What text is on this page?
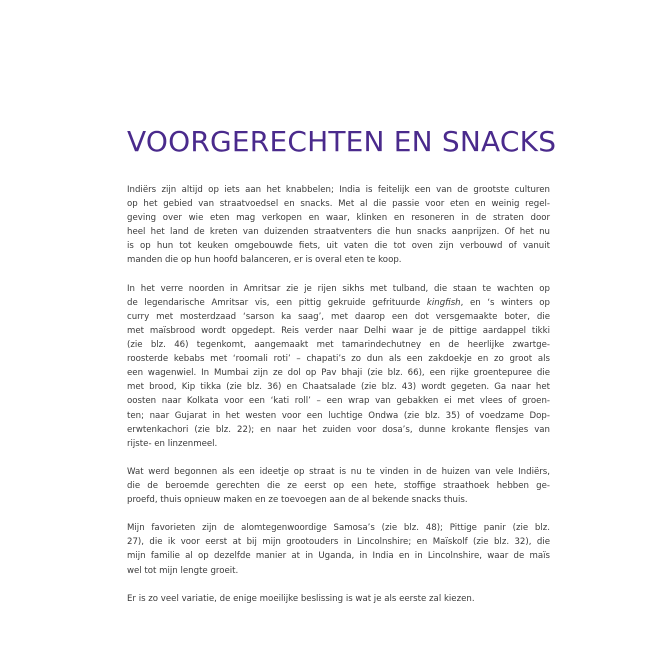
VOORGERECHTEN EN SNACKS

Indiërs zijn altijd op iets aan het knabbelen; India is feitelijk een van de grootste culturen
op het gebied van straatvoedsel en snacks. Met al die passie voor eten en weinig regel-
geving over wie eten mag verkopen en waar, klinken en resoneren in de straten door
heel het land de kreten van duizenden straatventers die hun snacks aanprijzen. Of het nu
is op hun tot keuken omgebouwde fiets, uit vaten die tot oven zijn verbouwd of vanuit
manden die op hun hoofd balanceren, er is overal eten te koop.

In het verre noorden in Amritsar zie je rijen sikhs met tulband, die staan te wachten op
de legendarische Amritsar vis, een pittig gekruide gefrituurde kingfish, en ‘s winters op
curry met mosterdzaad ‘sarson ka saag’, met daarop een dot versgemaakte boter, die
met maïsbrood wordt opgedept. Reis verder naar Delhi waar je de pittige aardappel tikki
(zie blz. 46) tegenkomt, aangemaakt met tamarindechutney en de heerlijke zwartge-
roosterde kebabs met ‘roomali roti’ – chapati’s zo dun als een zakdoekje en zo groot als
een wagenwiel. In Mumbai zijn ze dol op Pav bhaji (zie blz. 66), een rijke groentepuree die
met brood, Kip tikka (zie blz. 36) en Chaatsalade (zie blz. 43) wordt gegeten. Ga naar het
oosten naar Kolkata voor een ‘kati roll’ – een wrap van gebakken ei met vlees of groen-
ten; naar Gujarat in het westen voor een luchtige Ondwa (zie blz. 35) of voedzame Dop-
erwtenkachori (zie blz. 22); en naar het zuiden voor dosa’s, dunne krokante flensjes van
rijste- en linzenmeel.

Wat werd begonnen als een ideetje op straat is nu te vinden in de huizen van vele Indiërs,
die de beroemde gerechten die ze eerst op een hete, stoffige straathoek hebben ge-
proefd, thuis opnieuw maken en ze toevoegen aan de al bekende snacks thuis.

Mijn favorieten zijn de alomtegenwoordige Samosa’s (zie blz. 48); Pittige panir (zie blz.
27), die ik voor eerst at bij mijn grootouders in Lincolnshire; en Maïskolf (zie blz. 32), die
mijn familie al op dezelfde manier at in Uganda, in India en in Lincolnshire, waar de maïs
wel tot mijn lengte groeit.

Er is zo veel variatie, de enige moeilijke beslissing is wat je als eerste zal kiezen.
